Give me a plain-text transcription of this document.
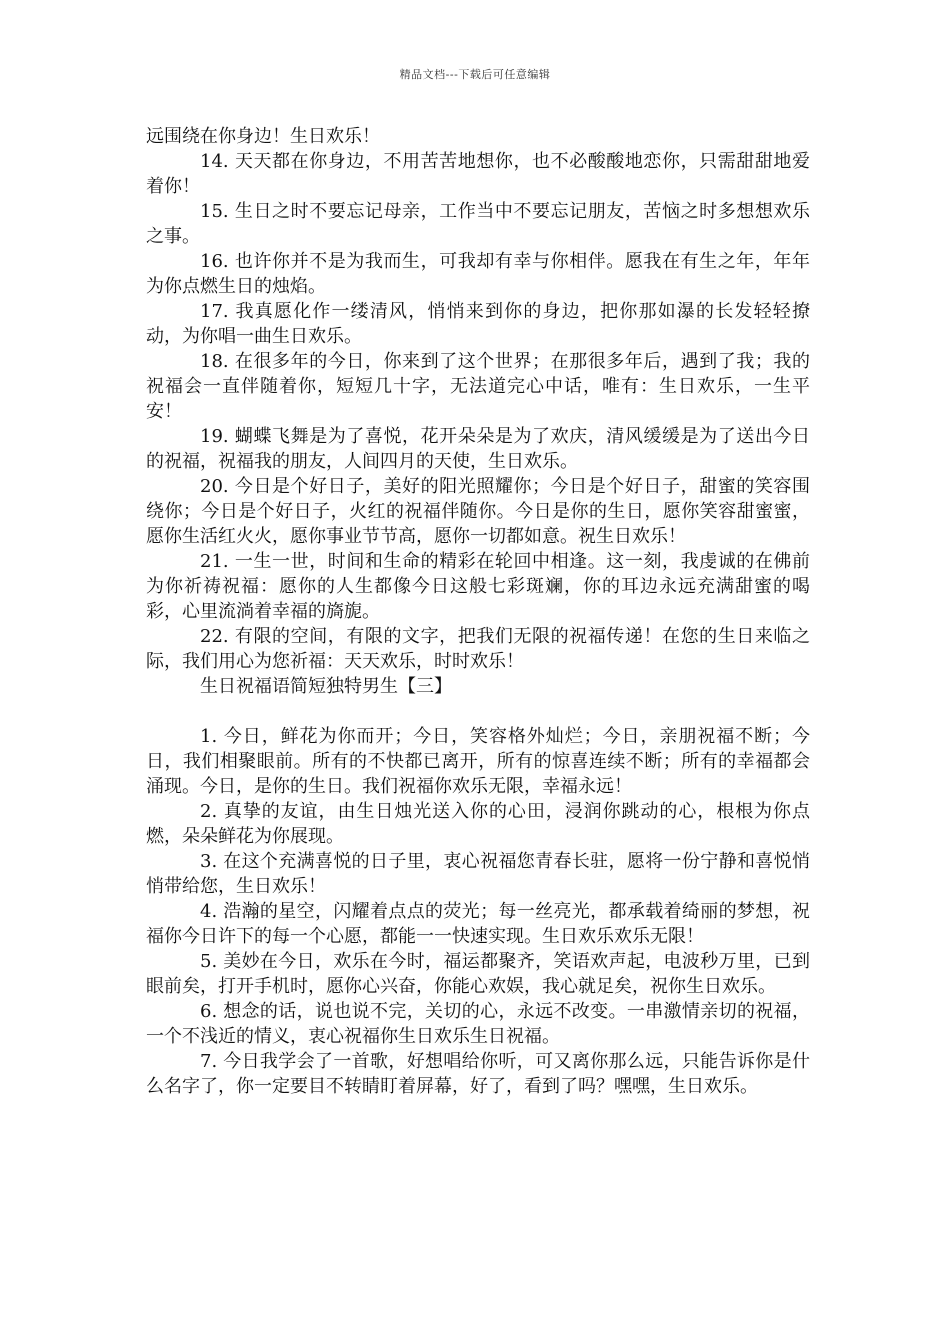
精品文档---下载后可任意编辑

远围绕在你身边！生日欢乐！

14. 天天都在你身边，不用苦苦地想你，也不必酸酸地恋你，只需甜甜地爱着你！

15. 生日之时不要忘记母亲，工作当中不要忘记朋友，苦恼之时多想想欢乐之事。

16. 也许你并不是为我而生，可我却有幸与你相伴。愿我在有生之年，年年为你点燃生日的烛焰。

17. 我真愿化作一缕清风，悄悄来到你的身边，把你那如瀑的长发轻轻撩动，为你唱一曲生日欢乐。

18. 在很多年的今日，你来到了这个世界；在那很多年后，遇到了我；我的祝福会一直伴随着你，短短几十字，无法道完心中话，唯有：生日欢乐，一生平安！

19. 蝴蝶飞舞是为了喜悦，花开朵朵是为了欢庆，清风缓缓是为了送出今日的祝福，祝福我的朋友，人间四月的天使，生日欢乐。

20. 今日是个好日子，美好的阳光照耀你；今日是个好日子，甜蜜的笑容围绕你；今日是个好日子，火红的祝福伴随你。今日是你的生日，愿你笑容甜蜜蜜，愿你生活红火火，愿你事业节节高，愿你一切都如意。祝生日欢乐！

21. 一生一世，时间和生命的精彩在轮回中相逢。这一刻，我虔诚的在佛前为你祈祷祝福：愿你的人生都像今日这般七彩斑斓，你的耳边永远充满甜蜜的喝彩，心里流淌着幸福的旖旎。

22. 有限的空间，有限的文字，把我们无限的祝福传递！在您的生日来临之际，我们用心为您祈福：天天欢乐，时时欢乐！

生日祝福语简短独特男生【三】

1. 今日，鲜花为你而开；今日，笑容格外灿烂；今日，亲朋祝福不断；今日，我们相聚眼前。所有的不快都已离开，所有的惊喜连续不断；所有的幸福都会涌现。今日，是你的生日。我们祝福你欢乐无限，幸福永远！

2. 真挚的友谊，由生日烛光送入你的心田，浸润你跳动的心，根根为你点燃，朵朵鲜花为你展现。

3. 在这个充满喜悦的日子里，衷心祝福您青春长驻，愿将一份宁静和喜悦悄悄带给您，生日欢乐！

4. 浩瀚的星空，闪耀着点点的荧光；每一丝亮光，都承载着绮丽的梦想，祝福你今日许下的每一个心愿，都能一一快速实现。生日欢乐欢乐无限！

5. 美妙在今日，欢乐在今时，福运都聚齐，笑语欢声起，电波秒万里，已到眼前矣，打开手机时，愿你心兴奋，你能心欢娱，我心就足矣，祝你生日欢乐。

6. 想念的话，说也说不完，关切的心，永远不改变。一串激情亲切的祝福，一个不浅近的情义，衷心祝福你生日欢乐生日祝福。

7. 今日我学会了一首歌，好想唱给你听，可又离你那么远，只能告诉你是什么名字了，你一定要目不转睛盯着屏幕，好了，看到了吗？嘿嘿，生日欢乐。
